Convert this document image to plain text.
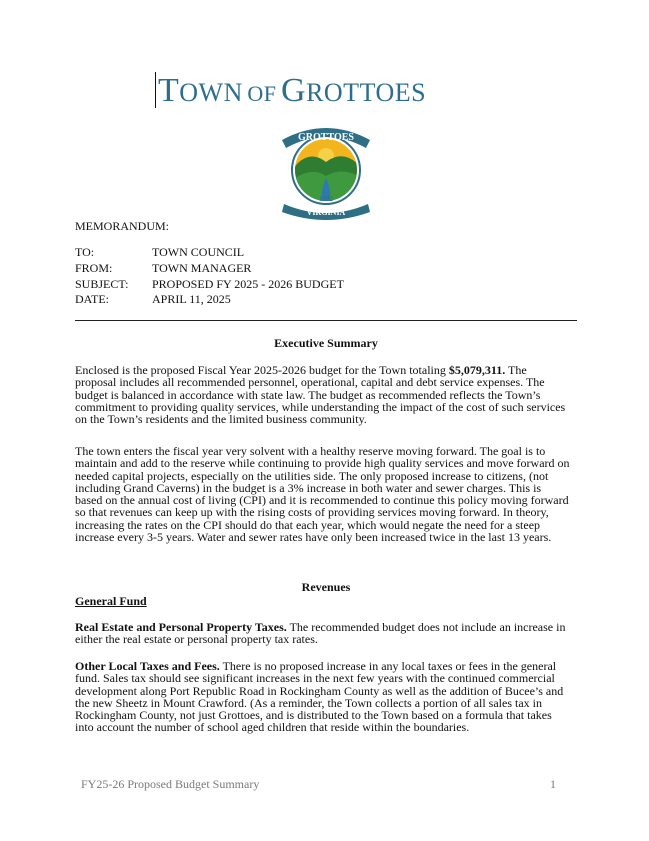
TOWN OF GROTTOES
GROTTOES
1892
VIRGINIA
MEMORANDUM:
TO:	TOWN COUNCIL
FROM:	TOWN MANAGER
SUBJECT: PROPOSED FY 2025 - 2026 BUDGET
DATE:	APRIL 11, 2025
Executive Summary
Enclosed is the proposed Fiscal Year 2025-2026 budget for the Town totaling $5,079,311. The proposal includes all recommended personnel, operational, capital and debt service expenses. The budget is balanced in accordance with state law. The budget as recommended reflects the Town’s commitment to providing quality services, while understanding the impact of the cost of such services on the Town’s residents and the limited business community.
The town enters the fiscal year very solvent with a healthy reserve moving forward. The goal is to maintain and add to the reserve while continuing to provide high quality services and move forward on needed capital projects, especially on the utilities side. The only proposed increase to citizens, (not including Grand Caverns) in the budget is a 3% increase in both water and sewer charges. This is based on the annual cost of living (CPI) and it is recommended to continue this policy moving forward so that revenues can keep up with the rising costs of providing services moving forward. In theory, increasing the rates on the CPI should do that each year, which would negate the need for a steep increase every 3-5 years. Water and sewer rates have only been increased twice in the last 13 years.
Revenues
General Fund
Real Estate and Personal Property Taxes. The recommended budget does not include an increase in either the real estate or personal property tax rates.
Other Local Taxes and Fees. There is no proposed increase in any local taxes or fees in the general fund. Sales tax should see significant increases in the next few years with the continued commercial development along Port Republic Road in Rockingham County as well as the addition of Bucee’s and the new Sheetz in Mount Crawford. (As a reminder, the Town collects a portion of all sales tax in Rockingham County, not just Grottoes, and is distributed to the Town based on a formula that takes into account the number of school aged children that reside within the boundaries.
FY25-26 Proposed Budget Summary	1
